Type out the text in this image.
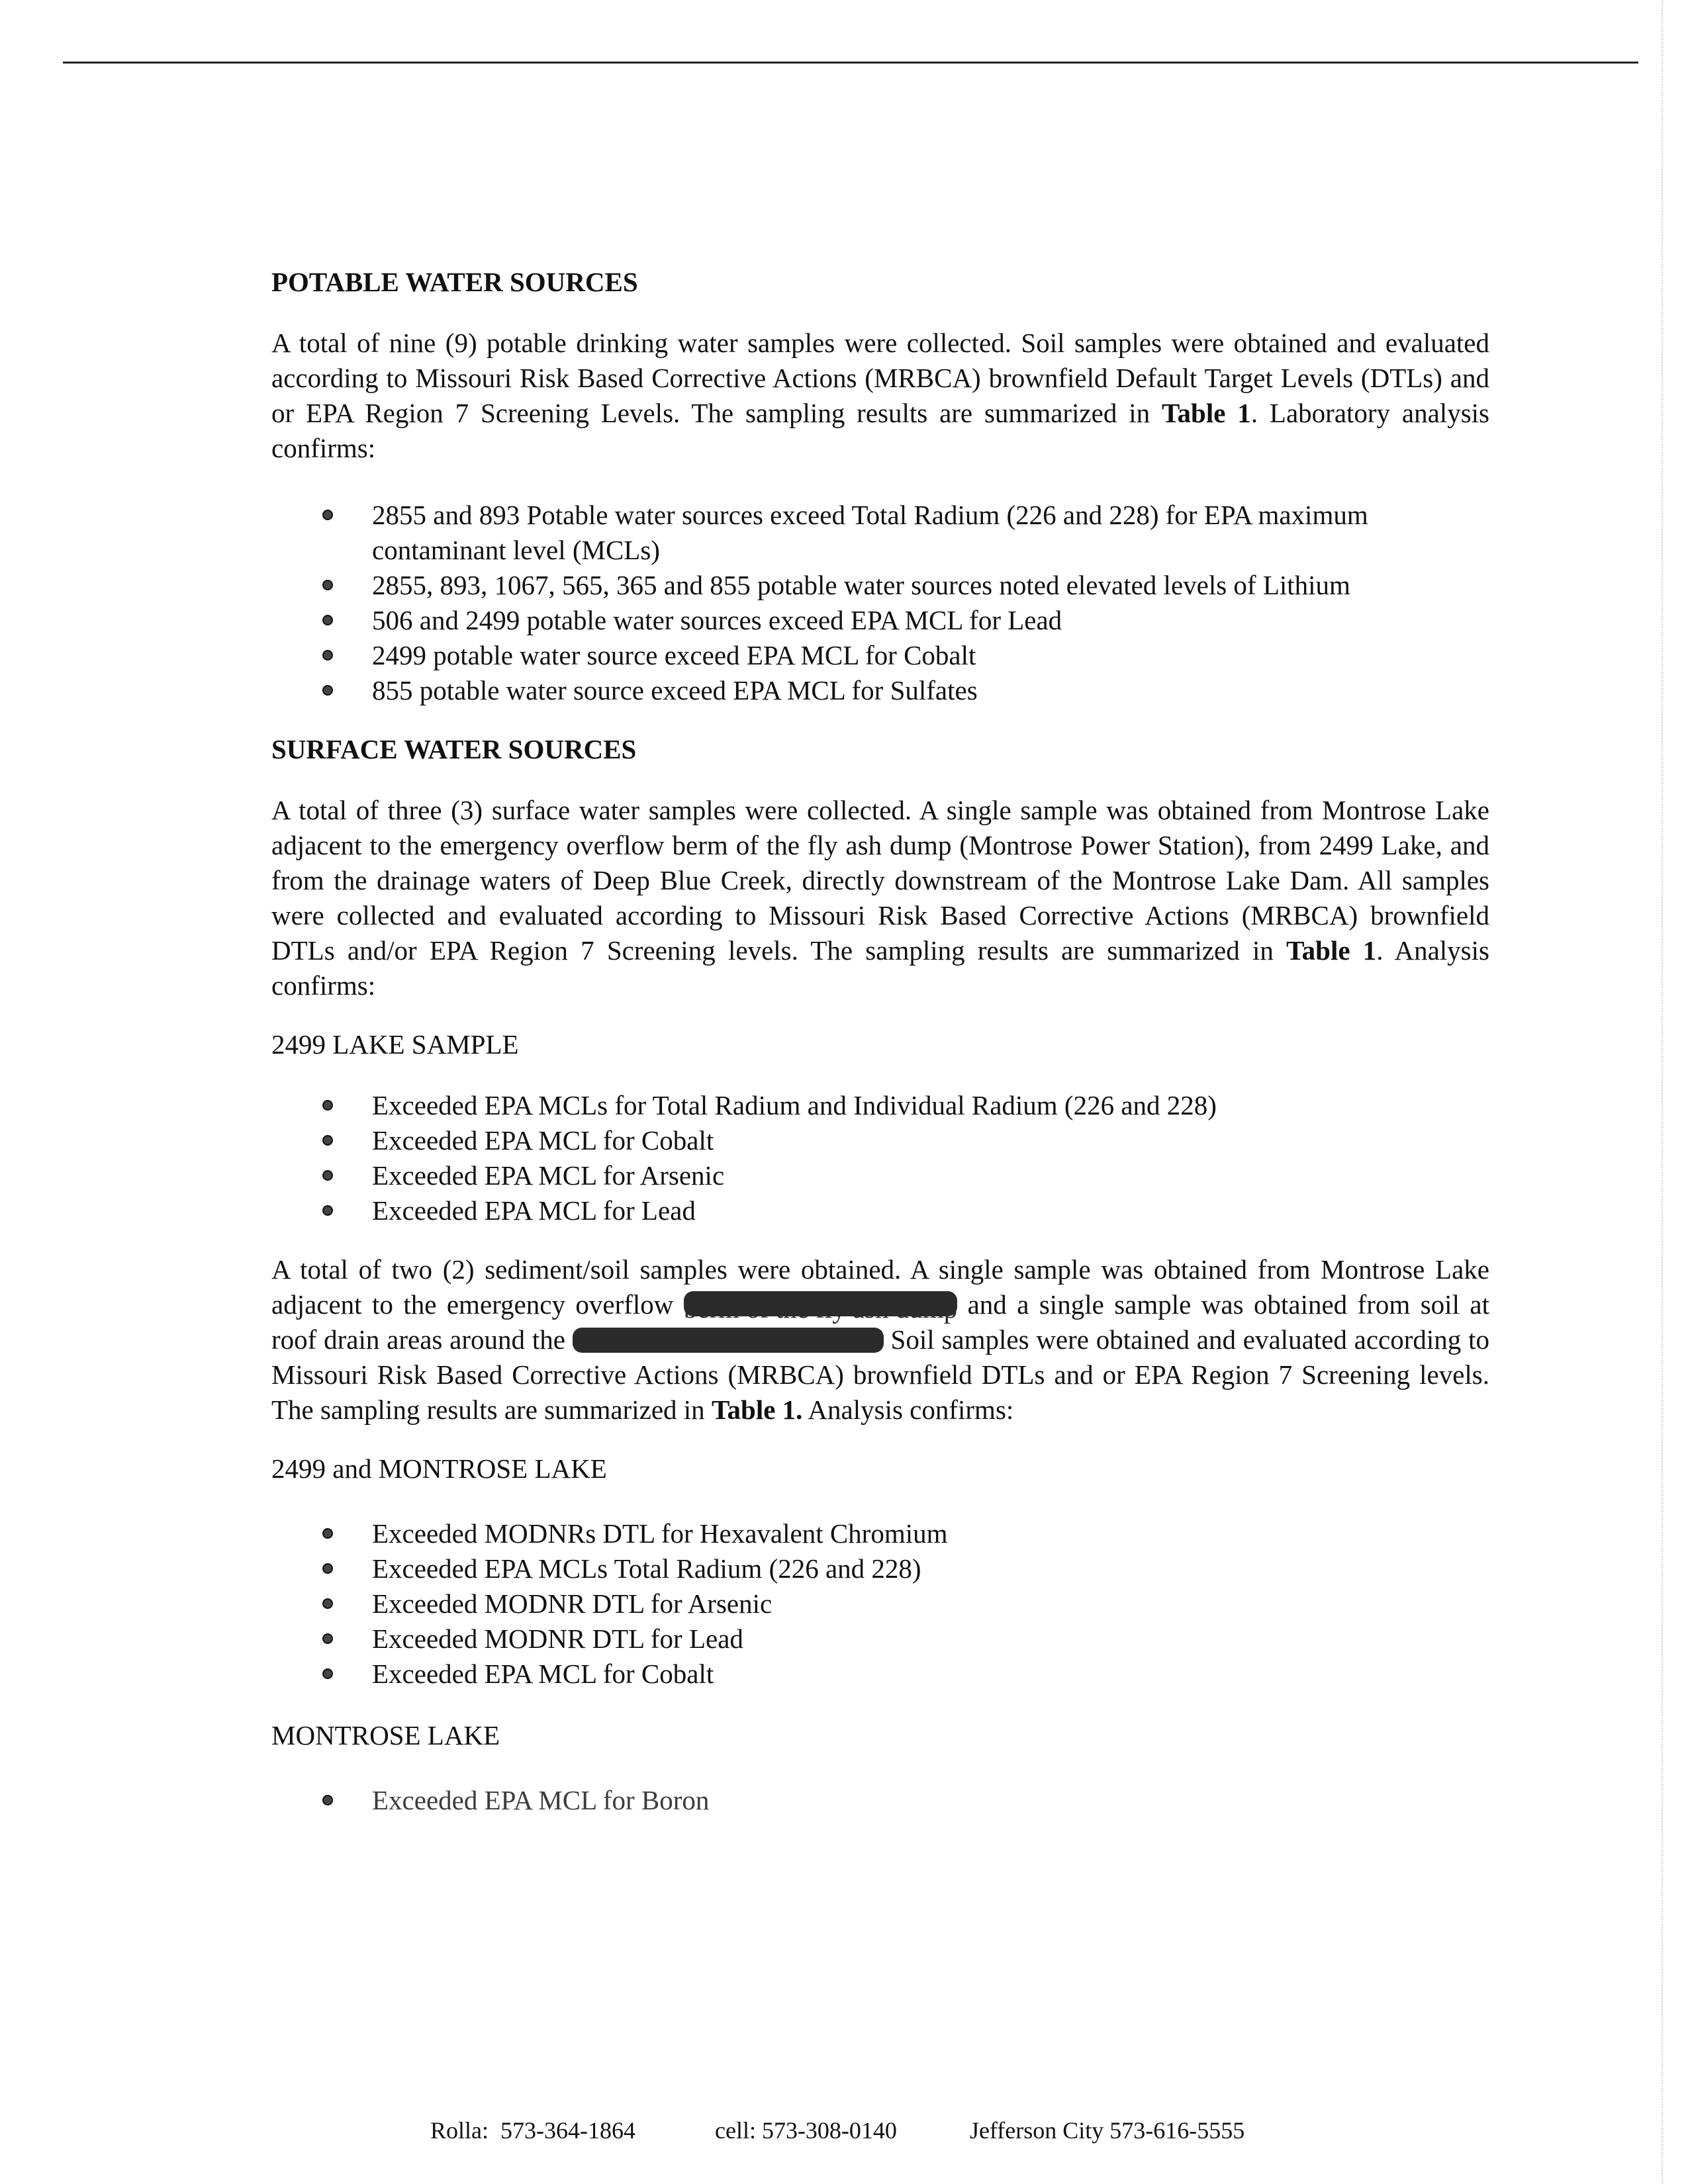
POTABLE WATER SOURCES

A total of nine (9) potable drinking water samples were collected. Soil samples were obtained and evaluated according to Missouri Risk Based Corrective Actions (MRBCA) brownfield Default Target Levels (DTLs) and or EPA Region 7 Screening Levels. The sampling results are summarized in Table 1. Laboratory analysis confirms:

2855 and 893 Potable water sources exceed Total Radium (226 and 228) for EPA maximum contaminant level (MCLs)
2855, 893, 1067, 565, 365 and 855 potable water sources noted elevated levels of Lithium
506 and 2499 potable water sources exceed EPA MCL for Lead
2499 potable water source exceed EPA MCL for Cobalt
855 potable water source exceed EPA MCL for Sulfates
SURFACE WATER SOURCES

A total of three (3) surface water samples were collected. A single sample was obtained from Montrose Lake adjacent to the emergency overflow berm of the fly ash dump (Montrose Power Station), from 2499 Lake, and from the drainage waters of Deep Blue Creek, directly downstream of the Montrose Lake Dam. All samples were collected and evaluated according to Missouri Risk Based Corrective Actions (MRBCA) brownfield DTLs and/or EPA Region 7 Screening levels. The sampling results are summarized in Table 1. Analysis confirms:

2499 LAKE SAMPLE
Exceeded EPA MCLs for Total Radium and Individual Radium (226 and 228)
Exceeded EPA MCL for Cobalt
Exceeded EPA MCL for Arsenic
Exceeded EPA MCL for Lead

A total of two (2) sediment/soil samples were obtained. A single sample was obtained from Montrose Lake adjacent to the emergency overflow berm of the fly ash dump and a single sample was obtained from soil at roof drain areas around the	Soil samples were obtained and evaluated according to Missouri Risk Based Corrective Actions (MRBCA) brownfield DTLs and or EPA Region 7 Screening levels. The sampling results are summarized in Table 1. Analysis confirms:

2499 and MONTROSE LAKE
Exceeded MODNRs DTL for Hexavalent Chromium
Exceeded EPA MCLs Total Radium (226 and 228)
Exceeded MODNR DTL for Arsenic
Exceeded MODNR DTL for Lead
Exceeded EPA MCL for Cobalt
MONTROSE LAKE
Exceeded EPA MCL for Boron
Rolla:  573-364-1864	cell: 573-308-0140	Jefferson City 573-616-5555
